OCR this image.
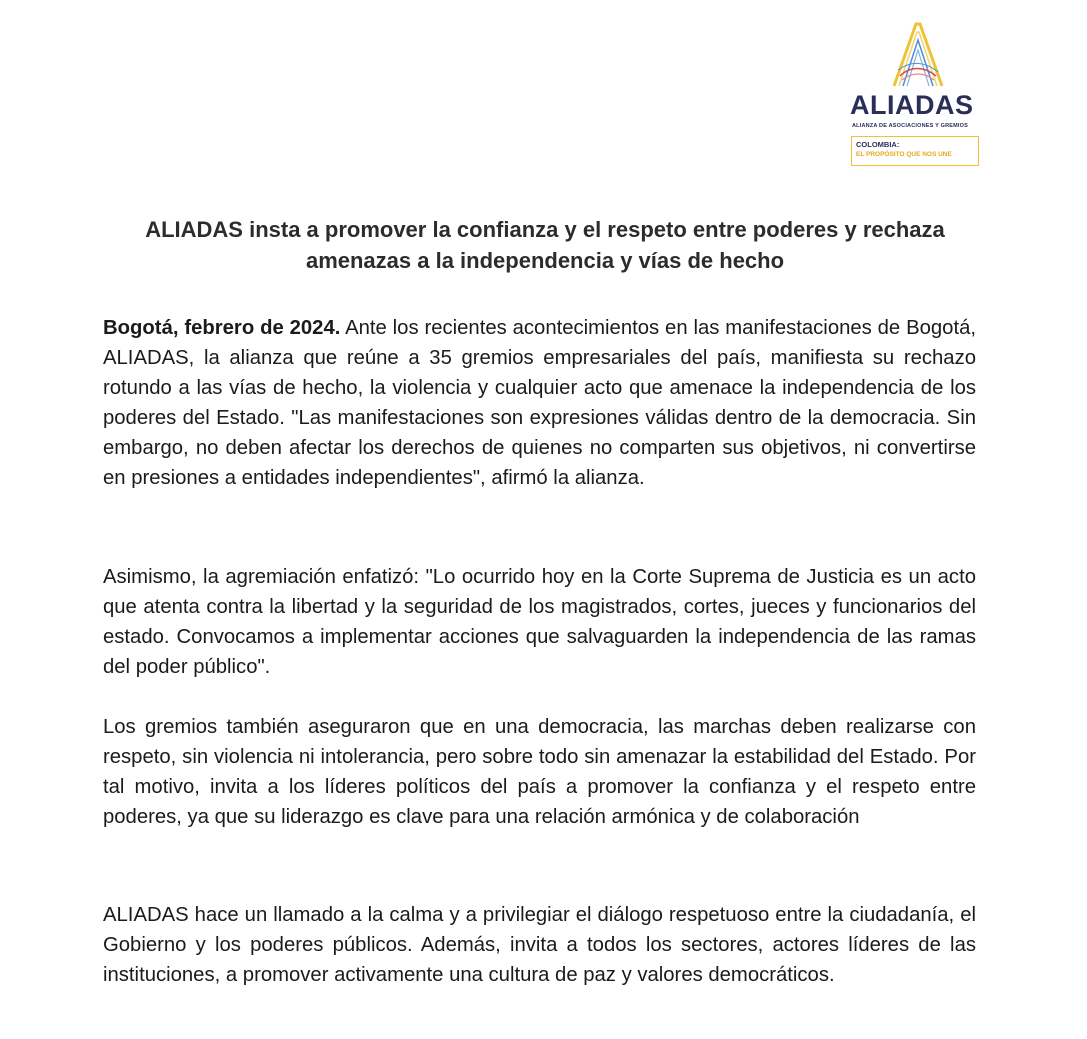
ALIADAS
ALIANZA DE ASOCIACIONES Y GREMIOS
COLOMBIA:
EL PROPÓSITO QUE NOS UNE
ALIADAS insta a promover la confianza y el respeto entre poderes y rechaza amenazas a la independencia y vías de hecho

Bogotá, febrero de 2024. Ante los recientes acontecimientos en las manifestaciones de Bogotá, ALIADAS, la alianza que reúne a 35 gremios empresariales del país, manifiesta su rechazo rotundo a las vías de hecho, la violencia y cualquier acto que amenace la independencia de los poderes del Estado. "Las manifestaciones son expresiones válidas dentro de la democracia. Sin embargo, no deben afectar los derechos de quienes no comparten sus objetivos, ni convertirse en presiones a entidades independientes", afirmó la alianza.

Asimismo, la agremiación enfatizó: "Lo ocurrido hoy en la Corte Suprema de Justicia es un acto que atenta contra la libertad y la seguridad de los magistrados, cortes, jueces y funcionarios del estado. Convocamos a implementar acciones que salvaguarden la independencia de las ramas del poder público".

Los gremios también aseguraron que en una democracia, las marchas deben realizarse con respeto, sin violencia ni intolerancia, pero sobre todo sin amenazar la estabilidad del Estado. Por tal motivo, invita a los líderes políticos del país a promover la confianza y el respeto entre poderes, ya que su liderazgo es clave para una relación armónica y de colaboración

ALIADAS hace un llamado a la calma y a privilegiar el diálogo respetuoso entre la ciudadanía, el Gobierno y los poderes públicos. Además, invita a todos los sectores, actores líderes de las instituciones, a promover activamente una cultura de paz y valores democráticos.
